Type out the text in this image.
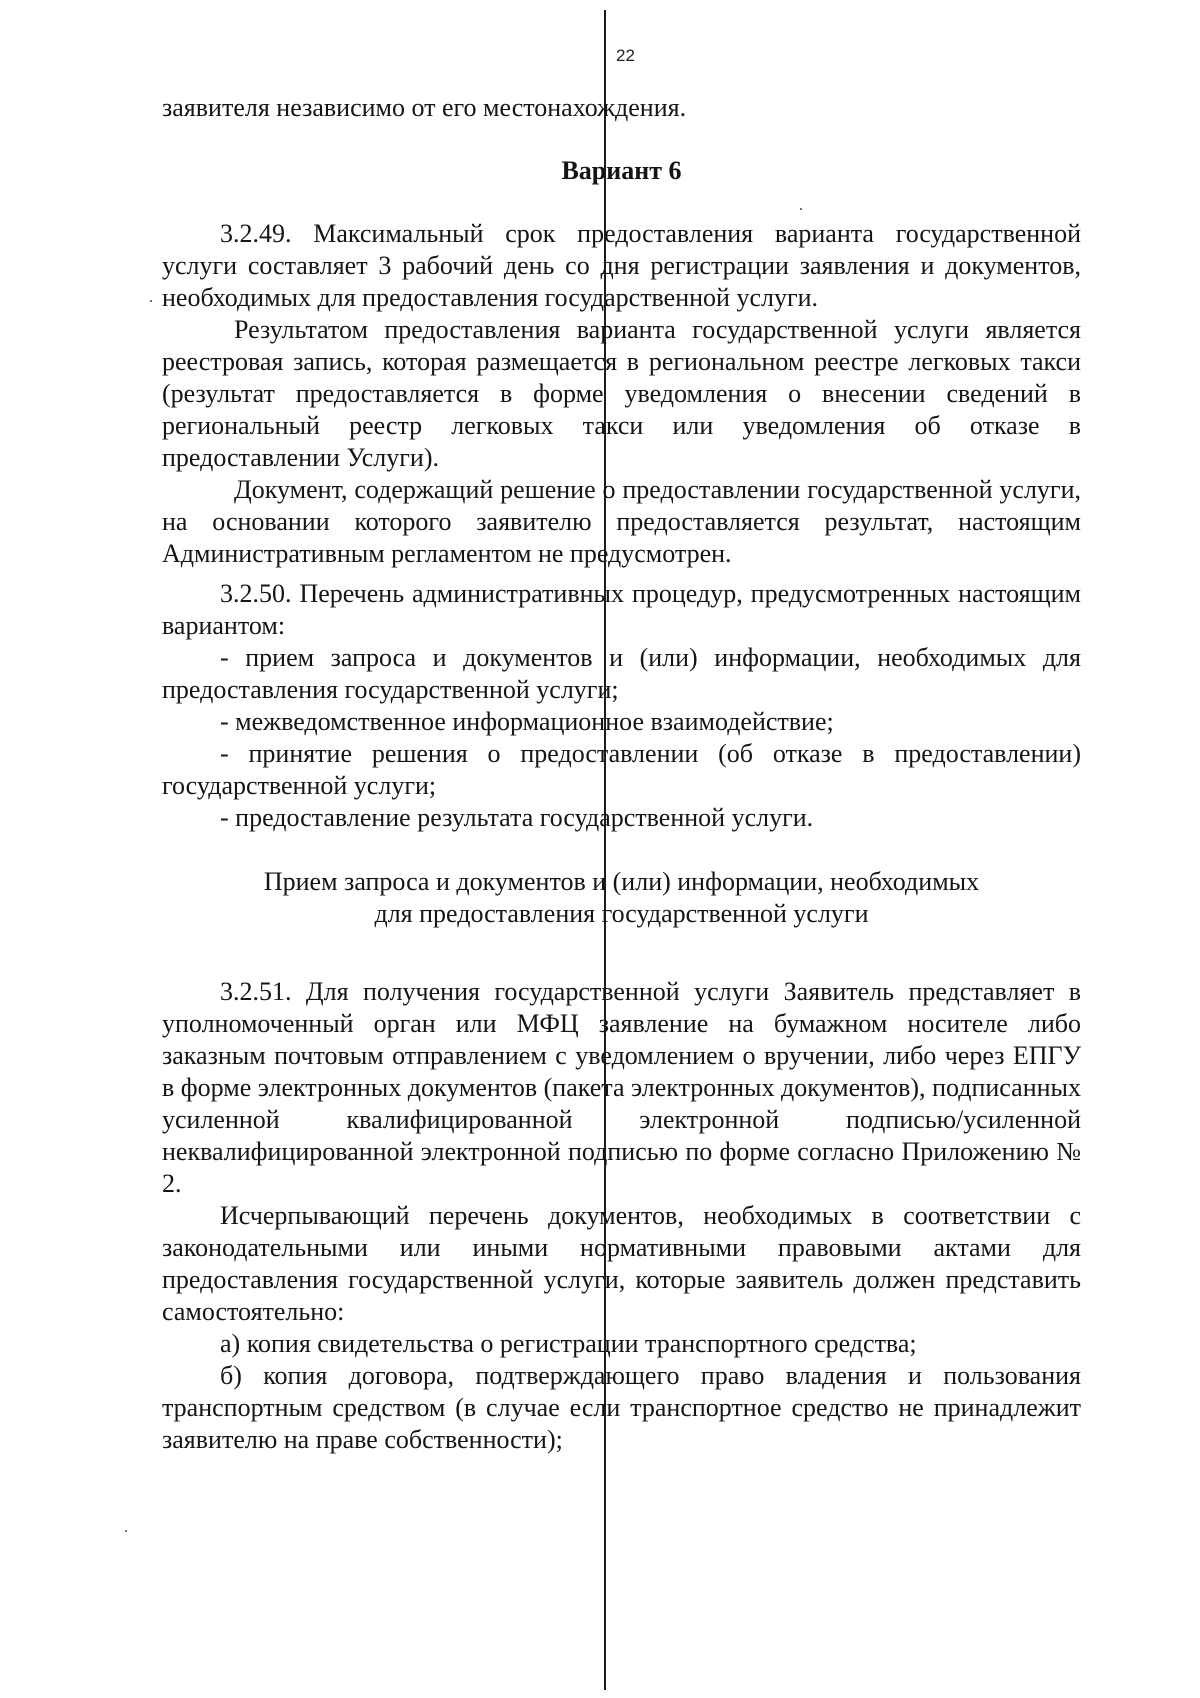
22

заявителя независимо от его местонахождения.

Вариант 6

3.2.49. Максимальный срок предоставления варианта государственной услуги составляет 3 рабочий день со дня регистрации заявления и документов, необходимых для предоставления государственной услуги.

Результатом предоставления варианта государственной услуги является реестровая запись, которая размещается в региональном реестре легковых такси (результат предоставляется в форме уведомления о внесении сведений в региональный реестр легковых такси или уведомления об отказе в предоставлении Услуги).

Документ, содержащий решение о предоставлении государственной услуги, на основании которого заявителю предоставляется результат, настоящим Административным регламентом не предусмотрен.

3.2.50. Перечень административных процедур, предусмотренных настоящим вариантом:

- прием запроса и документов и (или) информации, необходимых для предоставления государственной услуги;

- межведомственное информационное взаимодействие;

- принятие решения о предоставлении (об отказе в предоставлении) государственной услуги;

- предоставление результата государственной услуги.

Прием запроса и документов и (или) информации, необходимых

для предоставления государственной услуги

3.2.51. Для получения государственной услуги Заявитель представляет в уполномоченный орган или МФЦ заявление на бумажном носителе либо заказным почтовым отправлением с уведомлением о вручении, либо через ЕПГУ в форме электронных документов (пакета электронных документов), подписанных усиленной квалифицированной электронной подписью/усиленной неквалифицированной электронной подписью по форме согласно Приложению № 2.

Исчерпывающий перечень документов, необходимых в соответствии с законодательными или иными нормативными правовыми актами для предоставления государственной услуги, которые заявитель должен представить самостоятельно:

а) копия свидетельства о регистрации транспортного средства;

б) копия договора, подтверждающего право владения и пользования транспортным средством (в случае если транспортное средство не принадлежит заявителю на праве собственности);
